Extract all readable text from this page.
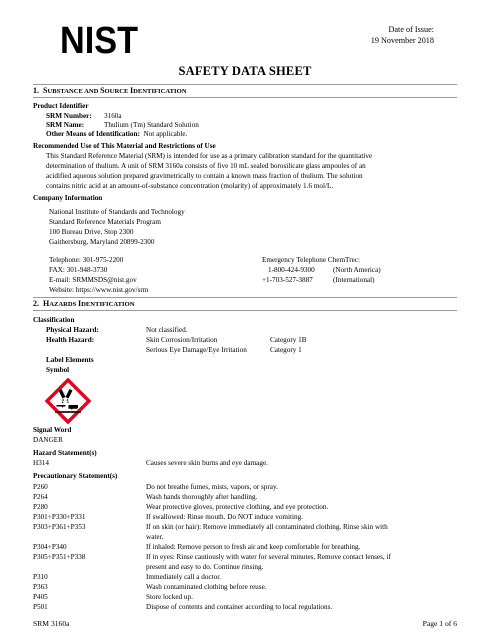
NIST	Date of Issue:
19 November 2018
SAFETY DATA SHEET
1. SUBSTANCE AND SOURCE IDENTIFICATION
Product Identifier
SRM Number: 3160a
SRM Name:	Thulium (Tm) Standard Solution
Other Means of Identification: Not applicable.
Recommended Use of This Material and Restrictions of Use
This Standard Reference Material (SRM) is intended for use as a primary calibration standard for the quantitative
determination of thulium. A unit of SRM 3160a consists of five 10 mL sealed borosilicate glass ampoules of an
acidified aqueous solution prepared gravimetrically to contain a known mass fraction of thulium. The solution
contains nitric acid at an amount-of-substance concentration (molarity) of approximately 1.6 mol/L.
Company Information
National Institute of Standards and Technology
Standard Reference Materials Program
100 Bureau Drive, Stop 2300
Gaithersburg, Maryland 20899-2300
Telephone: 301-975-2200
FAX: 301-948-3730
E-mail: SRMMSDS@nist.gov
Website: https://www.nist.gov/srm
Emergency Telephone ChemTrec:
1-800-424-9300	(North America)
+1-703-527-3887	(International)
2. HAZARDS IDENTIFICATION
Classification
Physical Hazard:	Not classified.
Health Hazard:	Skin Corrosion/Irritation	Category 1B
Serious Eye Damage/Eye Irritation	Category 1
Label Elements
Symbol
Signal Word
DANGER
Hazard Statement(s)
H314	Causes severe skin burns and eye damage.
Precautionary Statement(s)
P260	Do not breathe fumes, mists, vapors, or spray.
P264	Wash hands thoroughly after handling.
P280	Wear protective gloves, protective clothing, and eye protection.
P301+P330+P331	If swallowed: Rinse mouth. Do NOT induce vomiting.
P303+P361+P353	If on skin (or hair): Remove immediately all contaminated clothing. Rinse skin with
water.
P304+P340	If inhaled: Remove person to fresh air and keep comfortable for breathing.
P305+P351+P338	If in eyes: Rinse cautiously with water for several minutes. Remove contact lenses, if
present and easy to do. Continue rinsing.
P310	Immediately call a doctor.
P363	Wash contaminated clothing before reuse.
P405	Store locked up.
P501	Dispose of contents and container according to local regulations.
SRM 3160a	Page 1 of 6
